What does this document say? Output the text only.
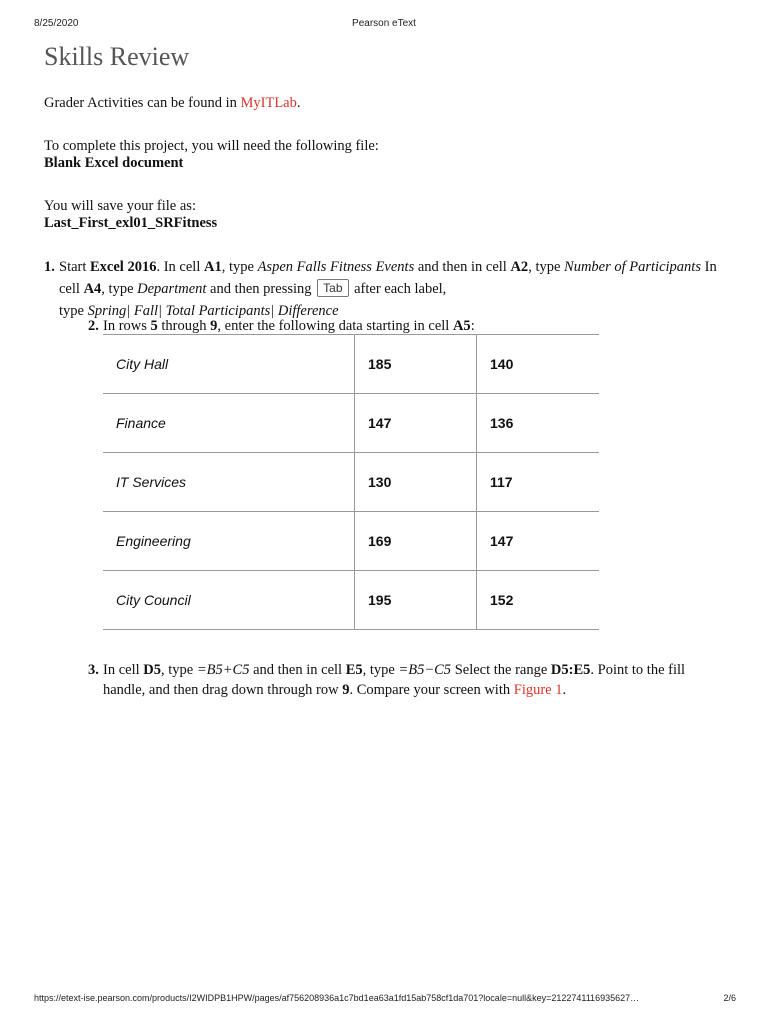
8/25/2020	Pearson eText
Skills Review

Grader Activities can be found in MyITLab.

To complete this project, you will need the following file:
Blank Excel document

You will save your file as:
Last_First_exl01_SRFitness

1. Start Excel 2016. In cell A1, type Aspen Falls Fitness Events and then in cell A2, type Number of Participants In cell A4, type Department and then pressing Tab after each label,
type Spring| Fall| Total Participants| Difference
2. In rows 5 through 9, enter the following data starting in cell A5:
City Hall	185	140
Finance	147	136
IT Services	130	117
Engineering	169	147
City Council	195	152
3. In cell D5, type =B5+C5 and then in cell E5, type =B5−C5 Select the range D5:E5. Point to the fill
handle, and then drag down through row 9. Compare your screen with Figure 1.
https://etext-ise.pearson.com/products/I2WIDPB1HPW/pages/af756208936a1c7bd1ea63a1fd15ab758cf1da701?locale=null&key=2122741116935627…	2/6
